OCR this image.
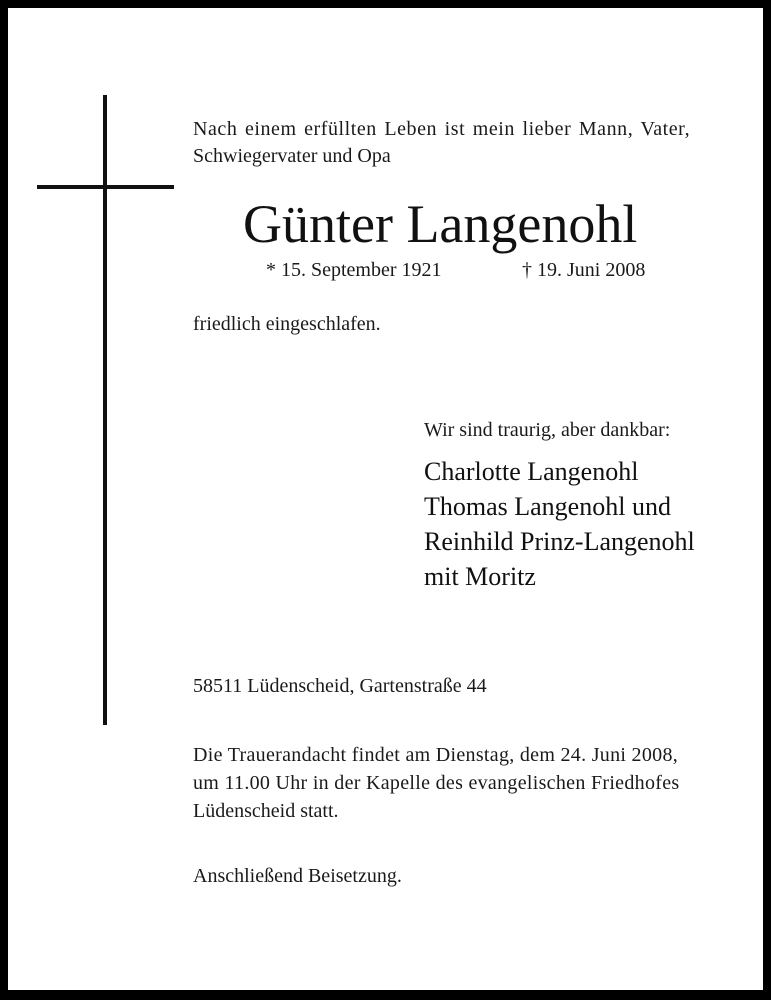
Nach einem erfüllten Leben ist mein lieber Mann, Vater,
Schwiegervater und Opa
Günter Langenohl
* 15. September 1921	† 19. Juni 2008
friedlich eingeschlafen.
Wir sind traurig, aber dankbar:
Charlotte Langenohl
Thomas Langenohl und
Reinhild Prinz-Langenohl
mit Moritz
58511 Lüdenscheid, Gartenstraße 44
Die Trauerandacht findet am Dienstag, dem 24. Juni 2008,
um 11.00 Uhr in der Kapelle des evangelischen Friedhofes
Lüdenscheid statt.
Anschließend Beisetzung.
